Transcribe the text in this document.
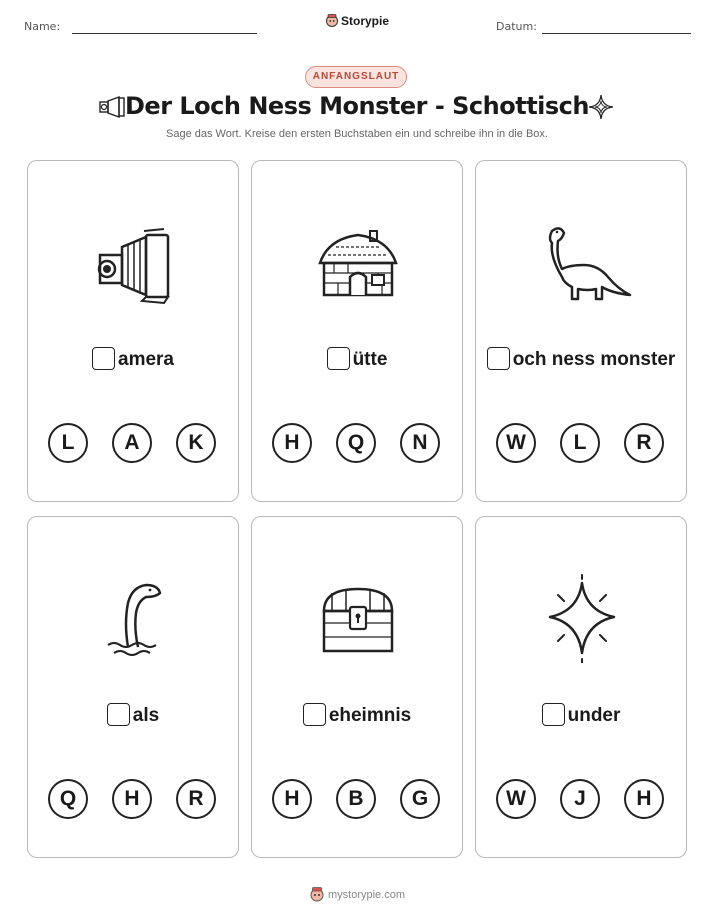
Name:	Storypie	Datum:
ANFANGSLAUT
Der Loch Ness Monster - Schottisch
Sage das Wort. Kreise den ersten Buchstaben ein und schreibe ihn in die Box.
amera
L	A	K
ütte
H	Q	N
och ness monster
W	L	R
als
Q	H	R
eheimnis
H	B	G
under
W	J	H
mystorypie.com
